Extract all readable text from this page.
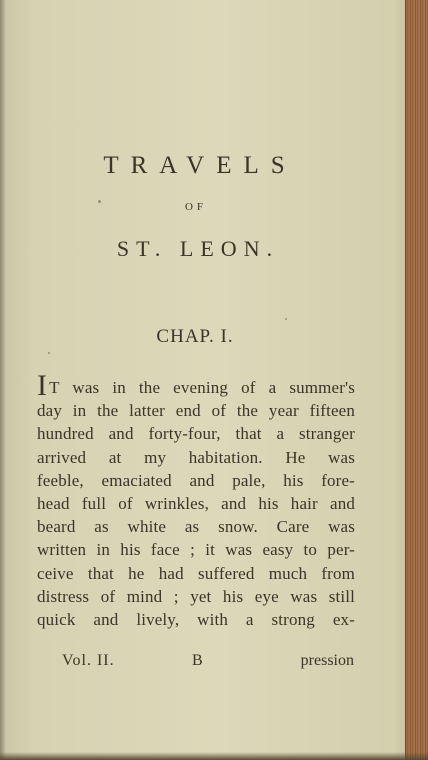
TRAVELS
OF
ST. LEON.
CHAP. I.
I T was in the evening of a summer's
day in the latter end of the year fifteen
hundred and forty-four, that a stranger
arrived at my habitation. He was
feeble, emaciated and pale, his fore-
head full of wrinkles, and his hair and
beard as white as snow. Care was
written in his face ; it was easy to per-
ceive that he had suffered much from
distress of mind ; yet his eye was still
quick and lively, with a strong ex-
Vol. II.	B	pression
